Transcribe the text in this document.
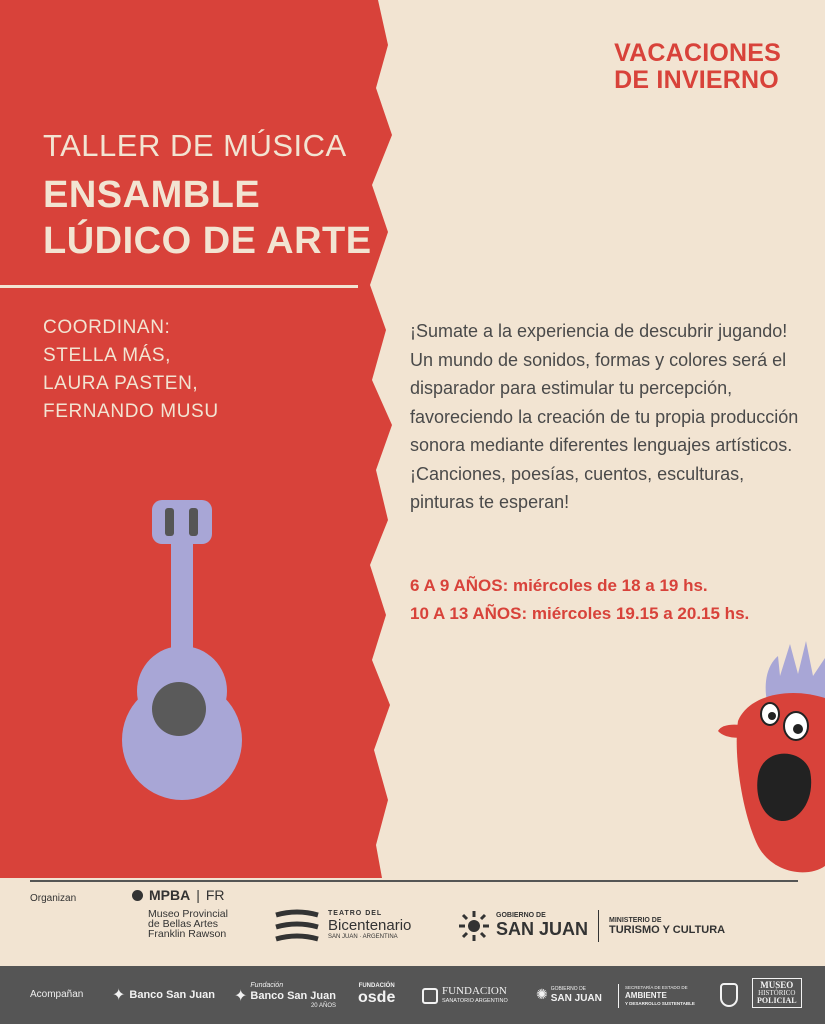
VACACIONES
DE INVIERNO
TALLER DE MÚSICA
ENSAMBLE
LÚDICO DE ARTE
COORDINAN:
STELLA MÁS,
LAURA PASTEN,
FERNANDO MUSU
¡Sumate a la experiencia de descubrir jugando! Un mundo de sonidos, formas y colores será el disparador para estimular tu percepción, favoreciendo la creación de tu propia producción sonora mediante diferentes lenguajes artísticos.¡Canciones, poesías, cuentos, esculturas, pinturas te esperan!
6 A 9 AÑOS: miércoles de 18 a 19 hs.
10 A 13 AÑOS: miércoles 19.15 a 20.15 hs.
Organizan	MPBA | FR
Museo Provincial
de Bellas Artes
Franklin Rawson
TEATRO DEL
Bicentenario
SAN JUAN · ARGENTINA
GOBIERNO DE
SAN JUAN	MINISTERIO DE
TURISMO Y CULTURA
Acompañan ✦ Banco San Juan ✦
Fundación
Banco San Juan
20 AÑOS
FUNDACIÓN
osde	FUNDACION
SANATORIO ARGENTINO ✺ GOBIERNO DE
SAN JUAN
SECRETARÍA DE ESTADO DE
AMBIENTE
Y DESARROLLO SUSTENTABLE
MUSEO
HISTÓRICO
POLICIAL
